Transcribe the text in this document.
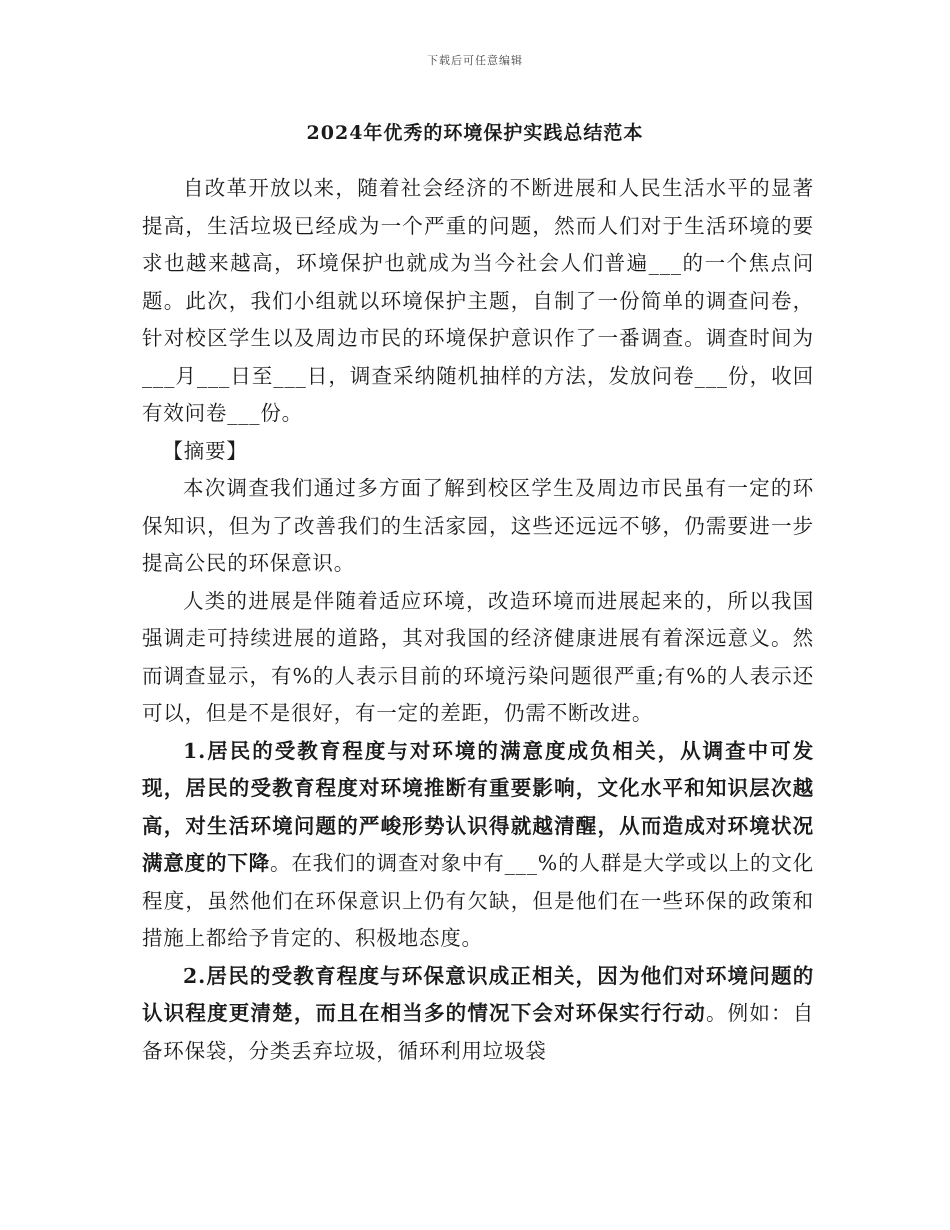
下载后可任意编辑
2024年优秀的环境保护实践总结范本

自改革开放以来，随着社会经济的不断进展和人民生活水平的显著提高，生活垃圾已经成为一个严重的问题，然而人们对于生活环境的要求也越来越高，环境保护也就成为当今社会人们普遍___的一个焦点问题。此次，我们小组就以环境保护主题，自制了一份简单的调查问卷，针对校区学生以及周边市民的环境保护意识作了一番调查。调查时间为___月___日至___日，调查采纳随机抽样的方法，发放问卷___份，收回有效问卷___份。

【摘要】

本次调查我们通过多方面了解到校区学生及周边市民虽有一定的环保知识，但为了改善我们的生活家园，这些还远远不够，仍需要进一步提高公民的环保意识。

人类的进展是伴随着适应环境，改造环境而进展起来的，所以我国强调走可持续进展的道路，其对我国的经济健康进展有着深远意义。然而调查显示，有%的人表示目前的环境污染问题很严重;有%的人表示还可以，但是不是很好，有一定的差距，仍需不断改进。

1.居民的受教育程度与对环境的满意度成负相关，从调查中可发现，居民的受教育程度对环境推断有重要影响，文化水平和知识层次越高，对生活环境问题的严峻形势认识得就越清醒，从而造成对环境状况满意度的下降。在我们的调查对象中有___%的人群是大学或以上的文化程度，虽然他们在环保意识上仍有欠缺，但是他们在一些环保的政策和措施上都给予肯定的、积极地态度。

2.居民的受教育程度与环保意识成正相关，因为他们对环境问题的认识程度更清楚，而且在相当多的情况下会对环保实行行动。例如：自备环保袋，分类丢弃垃圾，循环利用垃圾袋
